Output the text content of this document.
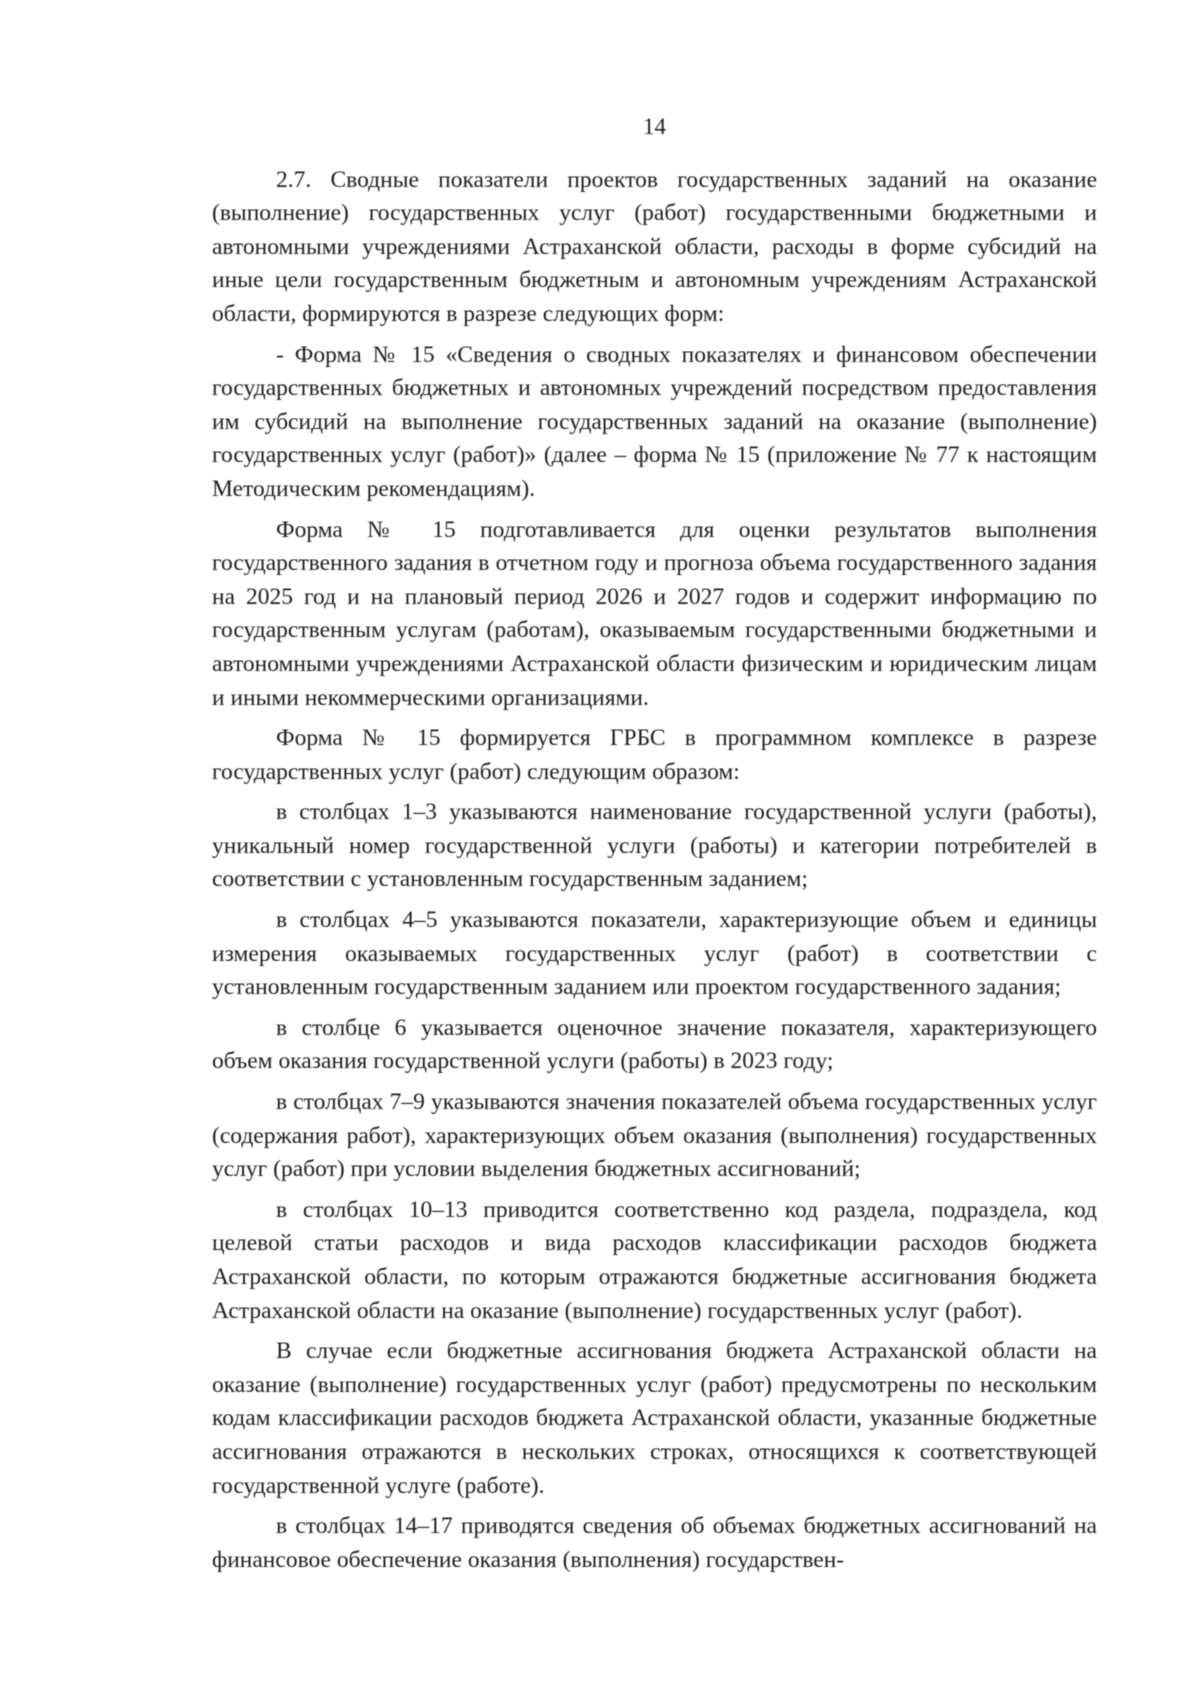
14

2.7. Сводные показатели проектов государственных заданий на оказание (выполнение) государственных услуг (работ) государственными бюджетными и автономными учреждениями Астраханской области, расходы в форме субсидий на иные цели государственным бюджетным и автономным учреждениям Астраханской области, формируются в разрезе следующих форм:

- Форма № 15 «Сведения о сводных показателях и финансовом обеспечении государственных бюджетных и автономных учреждений посредством предоставления им субсидий на выполнение государственных заданий на оказание (выполнение) государственных услуг (работ)» (далее – форма № 15 (приложение № 77 к настоящим Методическим рекомендациям).

Форма № 15 подготавливается для оценки результатов выполнения государственного задания в отчетном году и прогноза объема государственного задания на 2025 год и на плановый период 2026 и 2027 годов и содержит информацию по государственным услугам (работам), оказываемым государственными бюджетными и автономными учреждениями Астраханской области физическим и юридическим лицам и иными некоммерческими организациями.

Форма № 15 формируется ГРБС в программном комплексе в разрезе государственных услуг (работ) следующим образом:

в столбцах 1–3 указываются наименование государственной услуги (работы), уникальный номер государственной услуги (работы) и категории потребителей в соответствии с установленным государственным заданием;

в столбцах 4–5 указываются показатели, характеризующие объем и единицы измерения оказываемых государственных услуг (работ) в соответствии с установленным государственным заданием или проектом государственного задания;

в столбце 6 указывается оценочное значение показателя, характеризующего объем оказания государственной услуги (работы) в 2023 году;

в столбцах 7–9 указываются значения показателей объема государственных услуг (содержания работ), характеризующих объем оказания (выполнения) государственных услуг (работ) при условии выделения бюджетных ассигнований;

в столбцах 10–13 приводится соответственно код раздела, подраздела, код целевой статьи расходов и вида расходов классификации расходов бюджета Астраханской области, по которым отражаются бюджетные ассигнования бюджета Астраханской области на оказание (выполнение) государственных услуг (работ).

В случае если бюджетные ассигнования бюджета Астраханской области на оказание (выполнение) государственных услуг (работ) предусмотрены по нескольким кодам классификации расходов бюджета Астраханской области, указанные бюджетные ассигнования отражаются в нескольких строках, относящихся к соответствующей государственной услуге (работе).

в столбцах 14–17 приводятся сведения об объемах бюджетных ассигнований на финансовое обеспечение оказания (выполнения) государствен-
